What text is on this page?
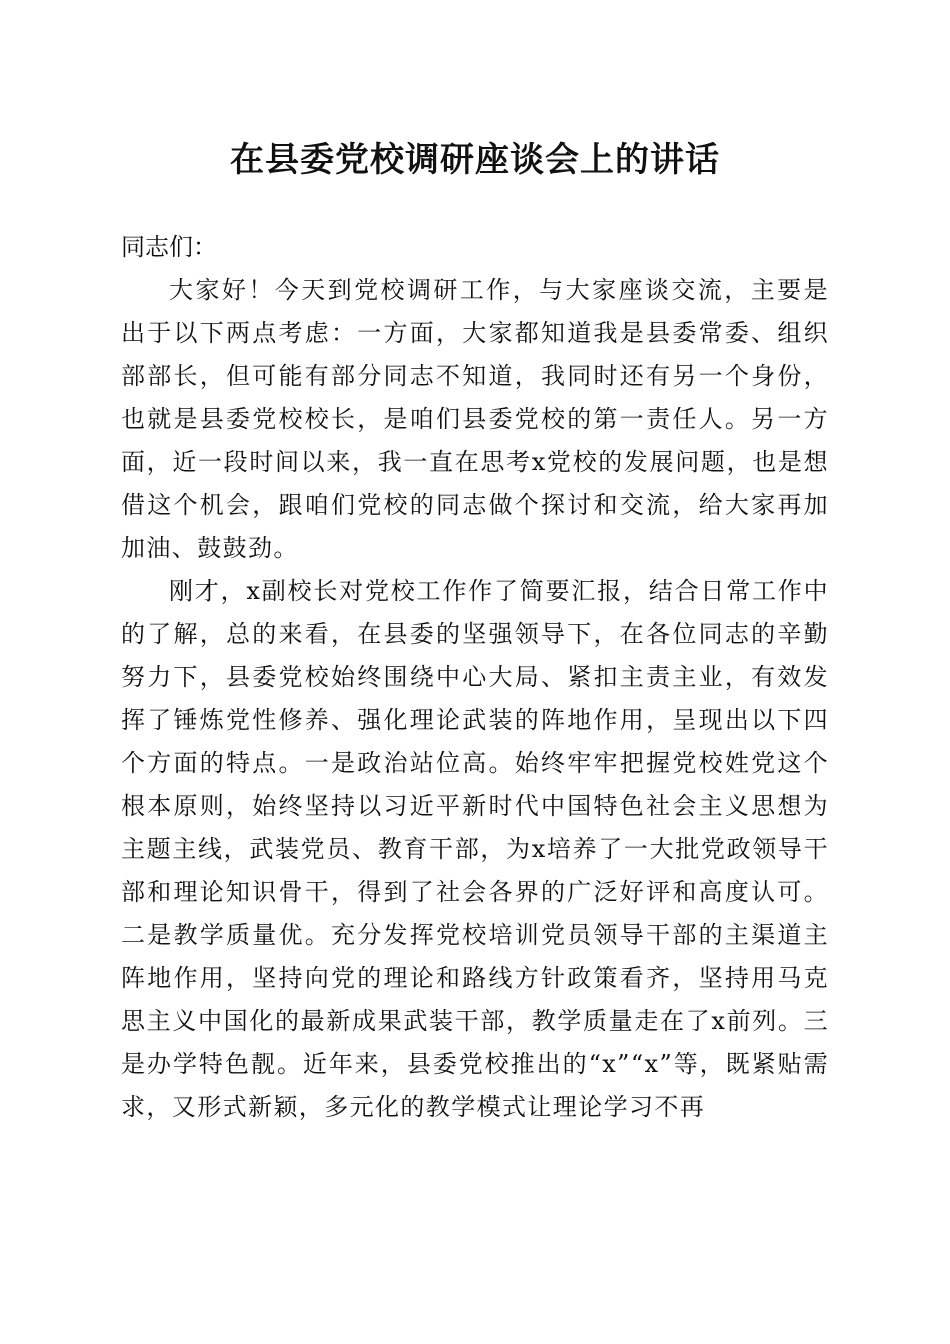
在县委党校调研座谈会上的讲话

同志们：

大家好！今天到党校调研工作，与大家座谈交流，主要是出于以下两点考虑：一方面，大家都知道我是县委常委、组织部部长，但可能有部分同志不知道，我同时还有另一个身份，也就是县委党校校长，是咱们县委党校的第一责任人。另一方面，近一段时间以来，我一直在思考x党校的发展问题，也是想借这个机会，跟咱们党校的同志做个探讨和交流，给大家再加加油、鼓鼓劲。

刚才，x副校长对党校工作作了简要汇报，结合日常工作中的了解，总的来看，在县委的坚强领导下，在各位同志的辛勤努力下，县委党校始终围绕中心大局、紧扣主责主业，有效发挥了锤炼党性修养、强化理论武装的阵地作用，呈现出以下四个方面的特点。一是政治站位高。始终牢牢把握党校姓党这个根本原则，始终坚持以习近平新时代中国特色社会主义思想为主题主线，武装党员、教育干部，为x培养了一大批党政领导干部和理论知识骨干，得到了社会各界的广泛好评和高度认可。二是教学质量优。充分发挥党校培训党员领导干部的主渠道主阵地作用，坚持向党的理论和路线方针政策看齐，坚持用马克思主义中国化的最新成果武装干部，教学质量走在了x前列。三是办学特色靓。近年来，县委党校推出的“x”“x”等，既紧贴需求，又形式新颖，多元化的教学模式让理论学习不再
